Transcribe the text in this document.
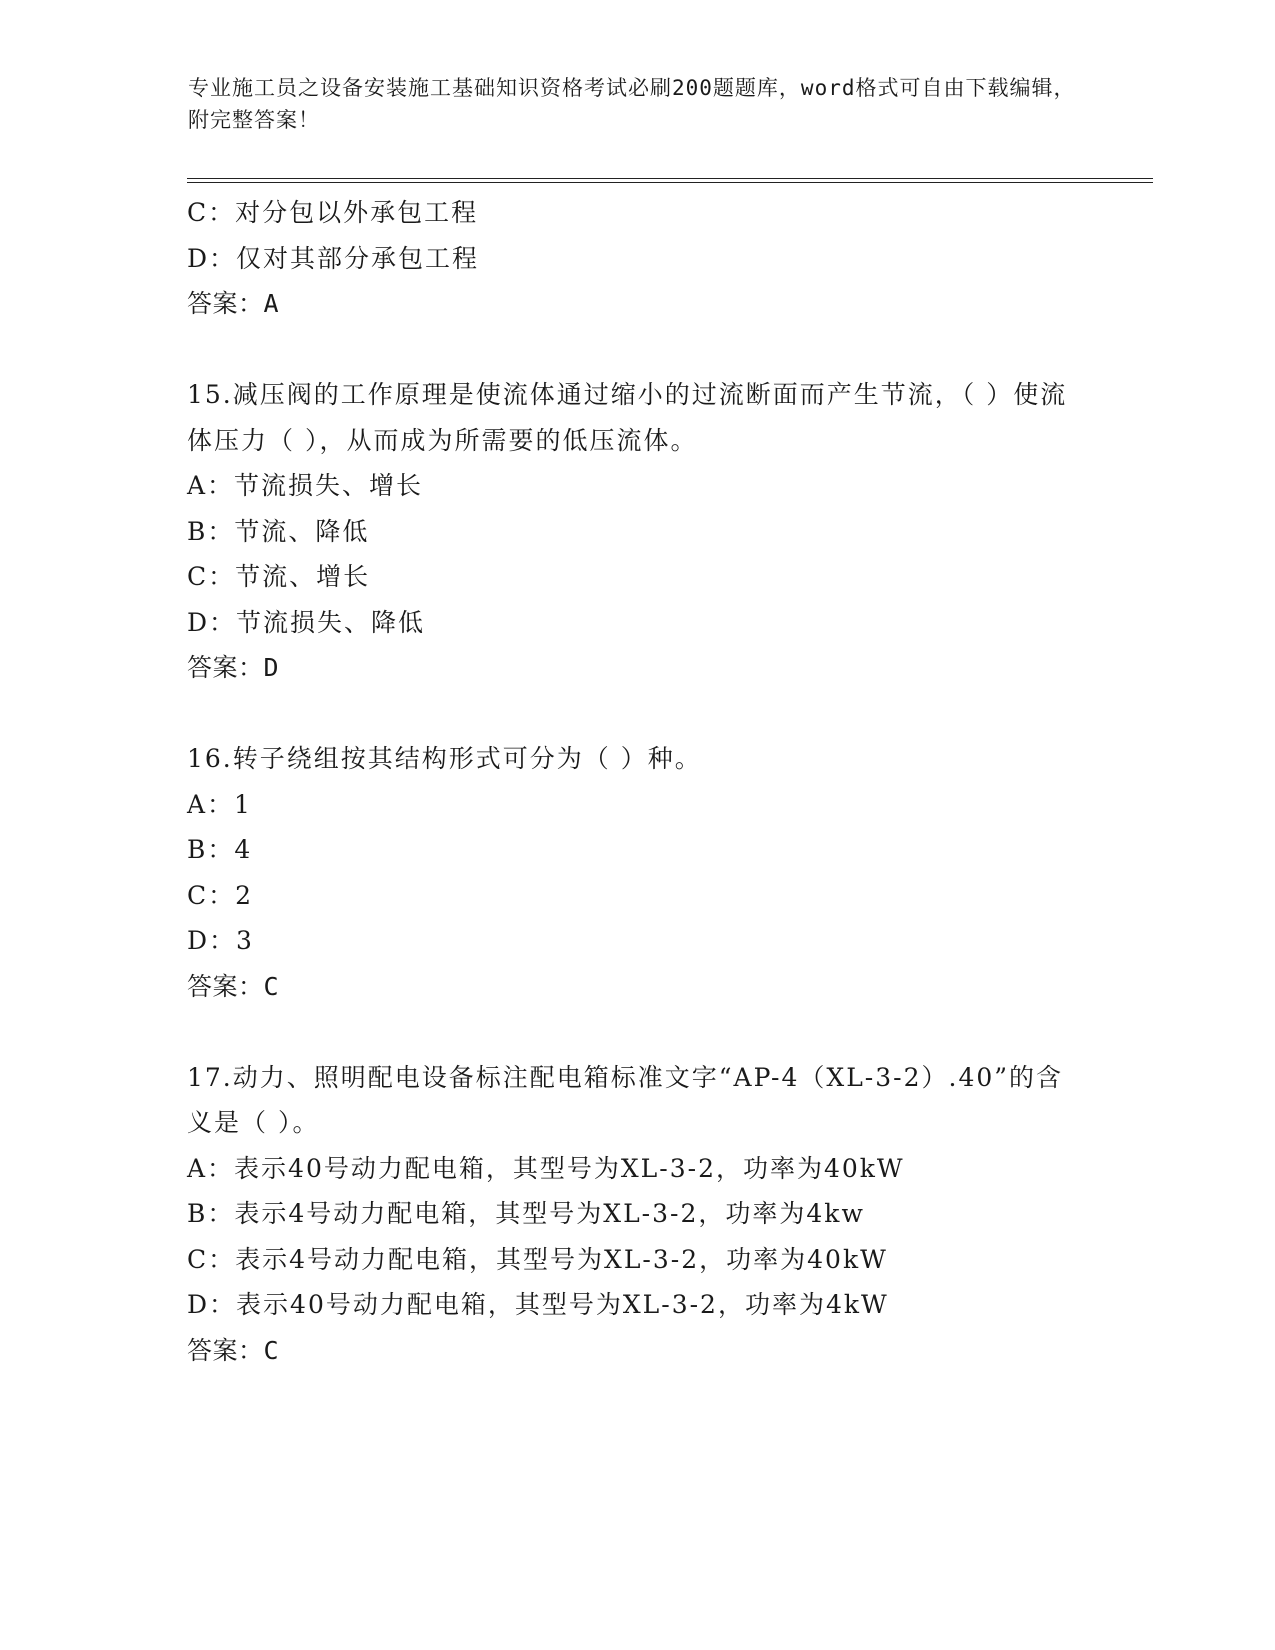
专业施工员之设备安装施工基础知识资格考试必刷200题题库，word格式可自由下载编辑，附完整答案！
C：对分包以外承包工程
D：仅对其部分承包工程
答案：A
15.减压阀的工作原理是使流体通过缩小的过流断面而产生节流，（ ）使流体压力（ ），从而成为所需要的低压流体。
A：节流损失、增长
B：节流、降低
C：节流、增长
D：节流损失、降低
答案：D
16.转子绕组按其结构形式可分为（ ）种。
A：1
B：4
C：2
D：3
答案：C
17.动力、照明配电设备标注配电箱标准文字“AP-4（XL-3-2）.40”的含义是（ ）。
A：表示40号动力配电箱，其型号为XL-3-2，功率为40kW
B：表示4号动力配电箱，其型号为XL-3-2，功率为4kw
C：表示4号动力配电箱，其型号为XL-3-2，功率为40kW
D：表示40号动力配电箱，其型号为XL-3-2，功率为4kW
答案：C
